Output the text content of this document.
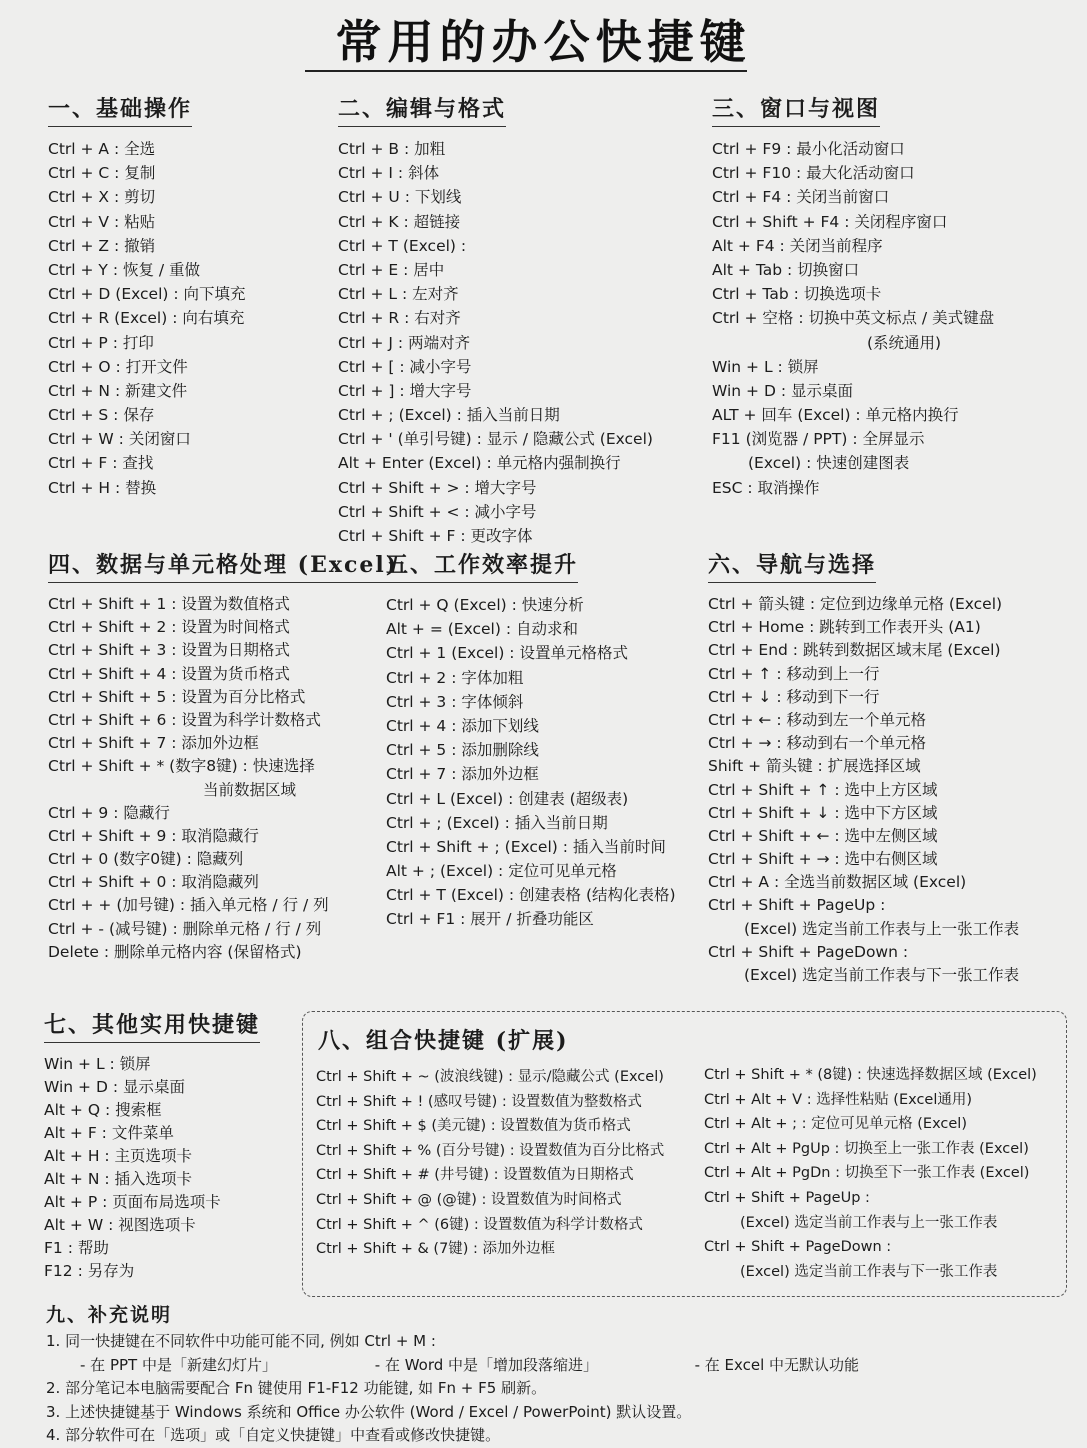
常用的办公快捷键
一、基础操作
Ctrl + A : 全选
Ctrl + C : 复制
Ctrl + X : 剪切
Ctrl + V : 粘贴
Ctrl + Z : 撤销
Ctrl + Y : 恢复 / 重做
Ctrl + D (Excel) : 向下填充
Ctrl + R (Excel) : 向右填充
Ctrl + P : 打印
Ctrl + O : 打开文件
Ctrl + N : 新建文件
Ctrl + S : 保存
Ctrl + W : 关闭窗口
Ctrl + F : 查找
Ctrl + H : 替换
二、编辑与格式
Ctrl + B : 加粗
Ctrl + I : 斜体
Ctrl + U : 下划线
Ctrl + K : 超链接
Ctrl + T (Excel) :
Ctrl + E : 居中
Ctrl + L : 左对齐
Ctrl + R : 右对齐
Ctrl + J : 两端对齐
Ctrl + [ : 减小字号
Ctrl + ] : 增大字号
Ctrl + ; (Excel) : 插入当前日期
Ctrl + ' (单引号键) : 显示 / 隐藏公式 (Excel)
Alt + Enter (Excel) : 单元格内强制换行
Ctrl + Shift + > : 增大字号
Ctrl + Shift + < : 减小字号
Ctrl + Shift + F : 更改字体
三、窗口与视图
Ctrl + F9 : 最小化活动窗口
Ctrl + F10 : 最大化活动窗口
Ctrl + F4 : 关闭当前窗口
Ctrl + Shift + F4 : 关闭程序窗口
Alt + F4 : 关闭当前程序
Alt + Tab : 切换窗口
Ctrl + Tab : 切换选项卡
Ctrl + 空格 : 切换中英文标点 / 美式键盘
(系统通用)
Win + L : 锁屏
Win + D : 显示桌面
ALT + 回车 (Excel) : 单元格内换行
F11 (浏览器 / PPT) : 全屏显示
(Excel) : 快速创建图表
ESC : 取消操作
四、数据与单元格处理 (Excel)
Ctrl + Shift + 1 : 设置为数值格式
Ctrl + Shift + 2 : 设置为时间格式
Ctrl + Shift + 3 : 设置为日期格式
Ctrl + Shift + 4 : 设置为货币格式
Ctrl + Shift + 5 : 设置为百分比格式
Ctrl + Shift + 6 : 设置为科学计数格式
Ctrl + Shift + 7 : 添加外边框
Ctrl + Shift + * (数字8键) : 快速选择
当前数据区域
Ctrl + 9 : 隐藏行
Ctrl + Shift + 9 : 取消隐藏行
Ctrl + 0 (数字0键) : 隐藏列
Ctrl + Shift + 0 : 取消隐藏列
Ctrl + + (加号键) : 插入单元格 / 行 / 列
Ctrl + - (减号键) : 删除单元格 / 行 / 列
Delete : 删除单元格内容 (保留格式)
五、工作效率提升
Ctrl + Q (Excel) : 快速分析
Alt + = (Excel) : 自动求和
Ctrl + 1 (Excel) : 设置单元格格式
Ctrl + 2 : 字体加粗
Ctrl + 3 : 字体倾斜
Ctrl + 4 : 添加下划线
Ctrl + 5 : 添加删除线
Ctrl + 7 : 添加外边框
Ctrl + L (Excel) : 创建表 (超级表)
Ctrl + ; (Excel) : 插入当前日期
Ctrl + Shift + ; (Excel) : 插入当前时间
Alt + ; (Excel) : 定位可见单元格
Ctrl + T (Excel) : 创建表格 (结构化表格)
Ctrl + F1 : 展开 / 折叠功能区
六、导航与选择
Ctrl + 箭头键 : 定位到边缘单元格 (Excel)
Ctrl + Home : 跳转到工作表开头 (A1)
Ctrl + End : 跳转到数据区域末尾 (Excel)
Ctrl + ↑ : 移动到上一行
Ctrl + ↓ : 移动到下一行
Ctrl + ← : 移动到左一个单元格
Ctrl + → : 移动到右一个单元格
Shift + 箭头键 : 扩展选择区域
Ctrl + Shift + ↑ : 选中上方区域
Ctrl + Shift + ↓ : 选中下方区域
Ctrl + Shift + ← : 选中左侧区域
Ctrl + Shift + → : 选中右侧区域
Ctrl + A : 全选当前数据区域 (Excel)
Ctrl + Shift + PageUp :
(Excel) 选定当前工作表与上一张工作表
Ctrl + Shift + PageDown :
(Excel) 选定当前工作表与下一张工作表
七、其他实用快捷键
Win + L : 锁屏
Win + D : 显示桌面
Alt + Q : 搜索框
Alt + F : 文件菜单
Alt + H : 主页选项卡
Alt + N : 插入选项卡
Alt + P : 页面布局选项卡
Alt + W : 视图选项卡
F1 : 帮助
F12 : 另存为
八、组合快捷键 (扩展)
Ctrl + Shift + ~ (波浪线键) : 显示/隐藏公式 (Excel)
Ctrl + Shift + ! (感叹号键) : 设置数值为整数格式
Ctrl + Shift + $ (美元键) : 设置数值为货币格式
Ctrl + Shift + % (百分号键) : 设置数值为百分比格式
Ctrl + Shift + # (井号键) : 设置数值为日期格式
Ctrl + Shift + @ (@键) : 设置数值为时间格式
Ctrl + Shift + ^ (6键) : 设置数值为科学计数格式
Ctrl + Shift + & (7键) : 添加外边框
Ctrl + Shift + * (8键) : 快速选择数据区域 (Excel)
Ctrl + Alt + V : 选择性粘贴 (Excel通用)
Ctrl + Alt + ; : 定位可见单元格 (Excel)
Ctrl + Alt + PgUp : 切换至上一张工作表 (Excel)
Ctrl + Alt + PgDn : 切换至下一张工作表 (Excel)
Ctrl + Shift + PageUp :
(Excel) 选定当前工作表与上一张工作表
Ctrl + Shift + PageDown :
(Excel) 选定当前工作表与下一张工作表
九、补充说明
1. 同一快捷键在不同软件中功能可能不同, 例如 Ctrl + M :
- 在 PPT 中是「新建幻灯片」	- 在 Word 中是「增加段落缩进」	- 在 Excel 中无默认功能
2. 部分笔记本电脑需要配合 Fn 键使用 F1-F12 功能键, 如 Fn + F5 刷新。
3. 上述快捷键基于 Windows 系统和 Office 办公软件 (Word / Excel / PowerPoint) 默认设置。
4. 部分软件可在「选项」或「自定义快捷键」中查看或修改快捷键。
